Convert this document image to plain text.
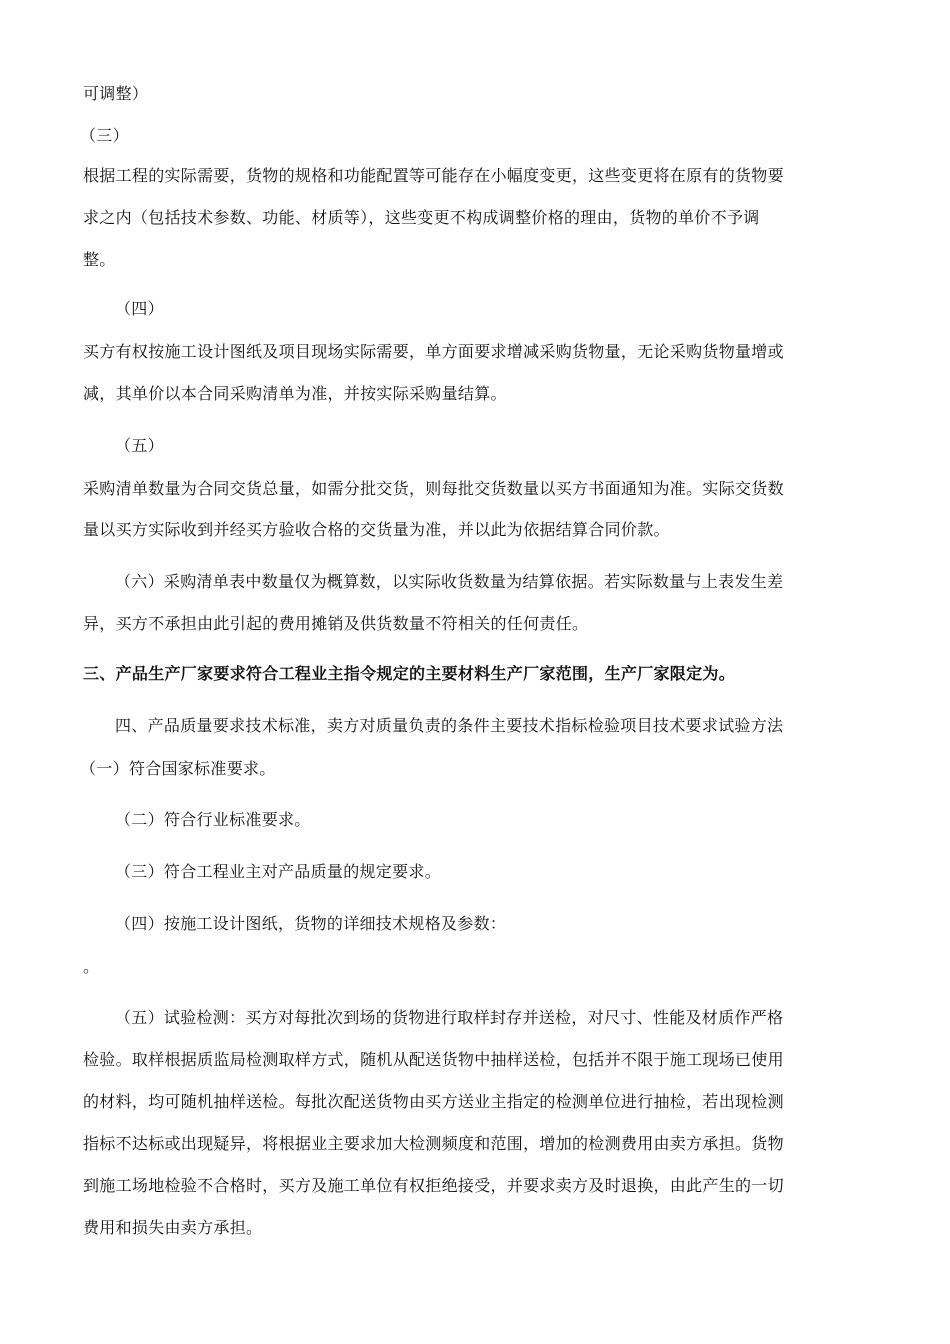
可调整）
（三）
根据工程的实际需要，货物的规格和功能配置等可能存在小幅度变更，这些变更将在原有的货物要
求之内（包括技术参数、功能、材质等），这些变更不构成调整价格的理由，货物的单价不予调
整。
（四）
买方有权按施工设计图纸及项目现场实际需要，单方面要求增减采购货物量，无论采购货物量增或
减，其单价以本合同采购清单为准，并按实际采购量结算。
（五）
采购清单数量为合同交货总量，如需分批交货，则每批交货数量以买方书面通知为准。实际交货数
量以买方实际收到并经买方验收合格的交货量为准，并以此为依据结算合同价款。
（六）采购清单表中数量仅为概算数，以实际收货数量为结算依据。若实际数量与上表发生差
异，买方不承担由此引起的费用摊销及供货数量不符相关的任何责任。
三、产品生产厂家要求符合工程业主指令规定的主要材料生产厂家范围，生产厂家限定为。
四、产品质量要求技术标准，卖方对质量负责的条件主要技术指标检验项目技术要求试验方法
（一）符合国家标准要求。
（二）符合行业标准要求。
（三）符合工程业主对产品质量的规定要求。
（四）按施工设计图纸，货物的详细技术规格及参数：
。
（五）试验检测：买方对每批次到场的货物进行取样封存并送检，对尺寸、性能及材质作严格
检验。取样根据质监局检测取样方式，随机从配送货物中抽样送检，包括并不限于施工现场已使用
的材料，均可随机抽样送检。每批次配送货物由买方送业主指定的检测单位进行抽检，若出现检测
指标不达标或出现疑异，将根据业主要求加大检测频度和范围，增加的检测费用由卖方承担。货物
到施工场地检验不合格时，买方及施工单位有权拒绝接受，并要求卖方及时退换，由此产生的一切
费用和损失由卖方承担。
